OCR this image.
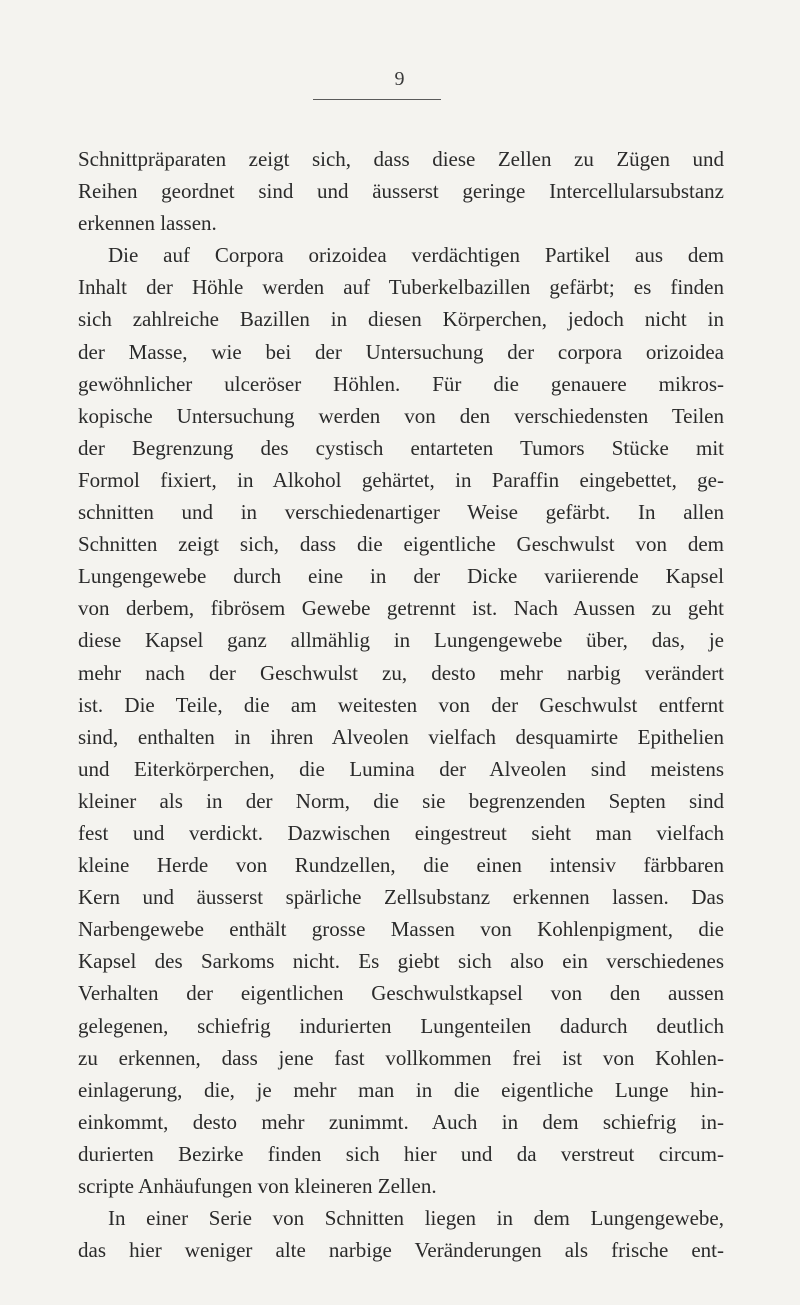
9
Schnittpräparaten zeigt sich, dass diese Zellen zu Zügen und
Reihen geordnet sind und äusserst geringe Intercellularsubstanz
erkennen lassen.
Die auf Corpora orizoidea verdächtigen Partikel aus dem
Inhalt der Höhle werden auf Tuberkelbazillen gefärbt; es finden
sich zahlreiche Bazillen in diesen Körperchen, jedoch nicht in
der Masse, wie bei der Untersuchung der corpora orizoidea
gewöhnlicher ulceröser Höhlen. Für die genauere mikros-
kopische Untersuchung werden von den verschiedensten Teilen
der Begrenzung des cystisch entarteten Tumors Stücke mit
Formol fixiert, in Alkohol gehärtet, in Paraffin eingebettet, ge-
schnitten und in verschiedenartiger Weise gefärbt. In allen
Schnitten zeigt sich, dass die eigentliche Geschwulst von dem
Lungengewebe durch eine in der Dicke variierende Kapsel
von derbem, fibrösem Gewebe getrennt ist. Nach Aussen zu geht
diese Kapsel ganz allmählig in Lungengewebe über, das, je
mehr nach der Geschwulst zu, desto mehr narbig verändert
ist. Die Teile, die am weitesten von der Geschwulst entfernt
sind, enthalten in ihren Alveolen vielfach desquamirte Epithelien
und Eiterkörperchen, die Lumina der Alveolen sind meistens
kleiner als in der Norm, die sie begrenzenden Septen sind
fest und verdickt. Dazwischen eingestreut sieht man vielfach
kleine Herde von Rundzellen, die einen intensiv färbbaren
Kern und äusserst spärliche Zellsubstanz erkennen lassen. Das
Narbengewebe enthält grosse Massen von Kohlenpigment, die
Kapsel des Sarkoms nicht. Es giebt sich also ein verschiedenes
Verhalten der eigentlichen Geschwulstkapsel von den aussen
gelegenen, schiefrig indurierten Lungenteilen dadurch deutlich
zu erkennen, dass jene fast vollkommen frei ist von Kohlen-
einlagerung, die, je mehr man in die eigentliche Lunge hin-
einkommt, desto mehr zunimmt. Auch in dem schiefrig in-
durierten Bezirke finden sich hier und da verstreut circum-
scripte Anhäufungen von kleineren Zellen.
In einer Serie von Schnitten liegen in dem Lungengewebe,
das hier weniger alte narbige Veränderungen als frische ent-
